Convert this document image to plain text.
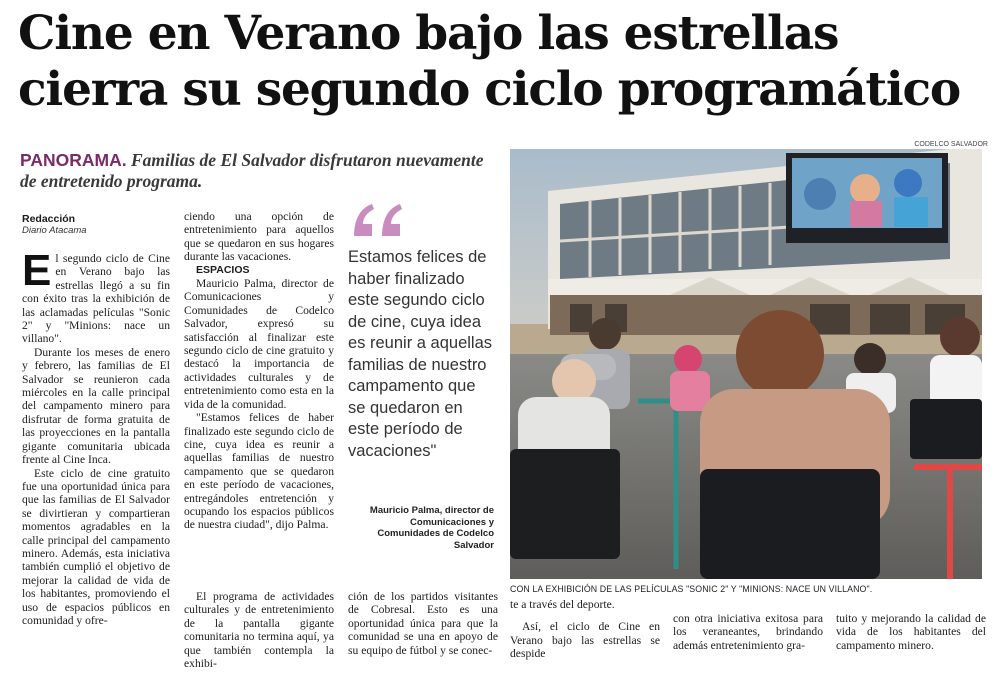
Cine en Verano bajo las estrellas
cierra su segundo ciclo programático
CODELCO SALVADOR

PANORAMA. Familias de El Salvador disfrutaron nuevamente de entretenido programa.

Redacción
Diario Atacama

El segundo ciclo de Cine en Verano bajo las estrellas llegó a su fin con éxito tras la exhibición de las aclamadas películas "Sonic 2" y "Minions: nace un villano".

Durante los meses de enero y febrero, las familias de El Salvador se reunieron cada miércoles en la calle principal del campamento minero para disfrutar de forma gratuita de las proyecciones en la pantalla gigante comunitaria ubicada frente al Cine Inca.

Este ciclo de cine gratuito fue una oportunidad única para que las familias de El Salvador se divirtieran y compartieran momentos agradables en la calle principal del campamento minero. Además, esta iniciativa también cumplió el objetivo de mejorar la calidad de vida de los habitantes, promoviendo el uso de espacios públicos en comunidad y ofre-

ciendo una opción de entretenimiento para aquellos que se quedaron en sus hogares durante las vacaciones.

ESPACIOS

Mauricio Palma, director de Comunicaciones y Comunidades de Codelco Salvador, expresó su satisfacción al finalizar este segundo ciclo de cine gratuito y destacó la importancia de actividades culturales y de entretenimiento como esta en la vida de la comunidad.

"Estamos felices de haber finalizado este segundo ciclo de cine, cuya idea es reunir a aquellas familias de nuestro campamento que se quedaron en este período de vacaciones, entregándoles entretención y ocupando los espacios públicos de nuestra ciudad", dijo Palma.

El programa de actividades culturales y de entretenimiento de la pantalla gigante comunitaria no termina aquí, ya que también contempla la exhibi-

Estamos felices de haber finalizado este segundo ciclo de cine, cuya idea es reunir a aquellas familias de nuestro campamento que se quedaron en este período de vacaciones"

Mauricio Palma, director de Comunicaciones y Comunidades de Codelco Salvador

ción de los partidos visitantes de Cobresal. Esto es una oportunidad única para que la comunidad se una en apoyo de su equipo de fútbol y se conec-

CON LA EXHIBICIÓN DE LAS PELÍCULAS "SONIC 2" Y "MINIONS: NACE UN VILLANO".

te a través del deporte.

Así, el ciclo de Cine en Verano bajo las estrellas se despide

con otra iniciativa exitosa para los veraneantes, brindando además entretenimiento gra-

tuito y mejorando la calidad de vida de los habitantes del campamento minero.
